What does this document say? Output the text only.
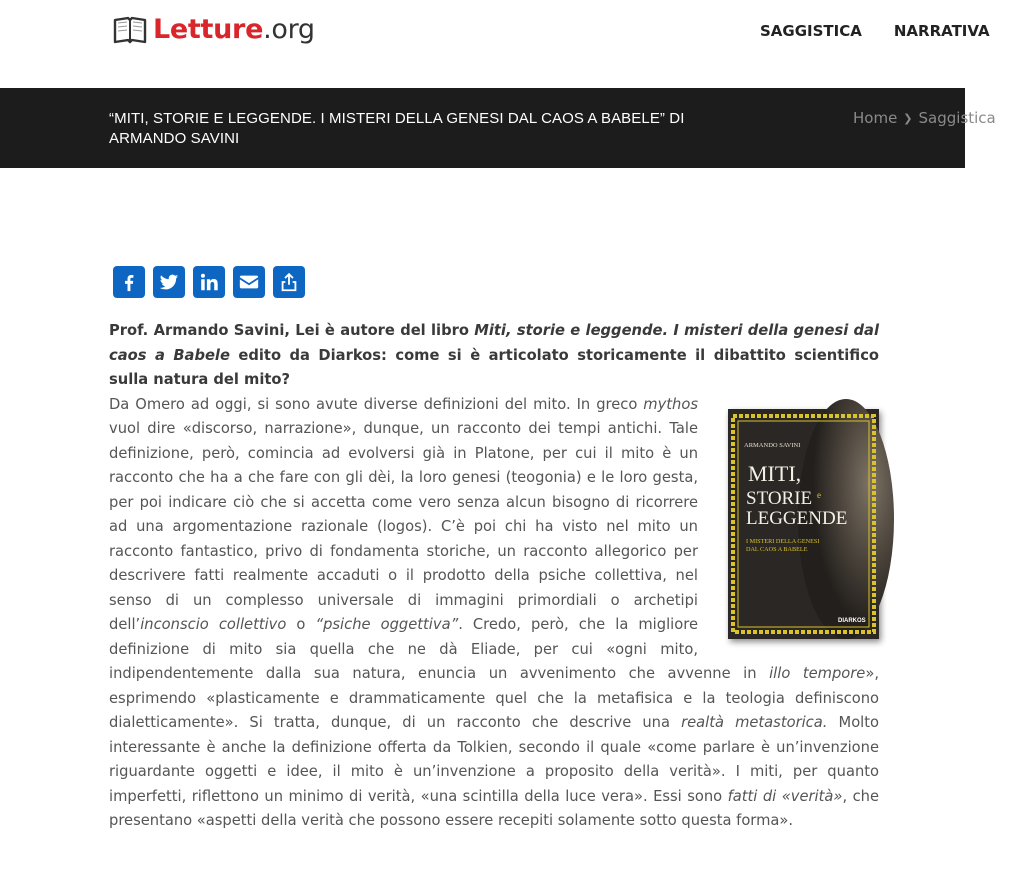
Letture.org	SAGGISTICA NARRATIVA
“MITI, STORIE E LEGGENDE. I MISTERI DELLA GENESI DAL CAOS A BABELE” DI ARMANDO SAVINI
Home ❯ Saggistica

Prof. Armando Savini, Lei è autore del libro Miti, storie e leggende. I misteri della genesi dal caos a Babele edito da Diarkos: come si è articolato storicamente il dibattito scientifico sulla natura del mito?

ARMANDO SAVINI
MITI,
STORIE e
LEGGENDE
I MISTERI DELLA GENESI
DAL CAOS A BABELE
DIARKOS

Da Omero ad oggi, si sono avute diverse definizioni del mito. In greco mythos vuol dire «discorso, narrazione», dunque, un racconto dei tempi antichi. Tale definizione, però, comincia ad evolversi già in Platone, per cui il mito è un racconto che ha a che fare con gli dèi, la loro genesi (teogonia) e le loro gesta, per poi indicare ciò che si accetta come vero senza alcun bisogno di ricorrere ad una argomentazione razionale (logos). C’è poi chi ha visto nel mito un racconto fantastico, privo di fondamenta storiche, un racconto allegorico per descrivere fatti realmente accaduti o il prodotto della psiche collettiva, nel senso di un complesso universale di immagini primordiali o archetipi dell’inconscio collettivo o “psiche oggettiva”. Credo, però, che la migliore definizione di mito sia quella che ne dà Eliade, per cui «ogni mito, indipendentemente dalla sua natura, enuncia un avvenimento che avvenne in illo tempore», esprimendo «plasticamente e drammaticamente quel che la metafisica e la teologia definiscono dialetticamente». Si tratta, dunque, di un racconto che descrive una realtà metastorica. Molto interessante è anche la definizione offerta da Tolkien, secondo il quale «come parlare è un’invenzione riguardante oggetti e idee, il mito è un’invenzione a proposito della verità». I miti, per quanto imperfetti, riflettono un minimo di verità, «una scintilla della luce vera». Essi sono fatti di «verità», che presentano «aspetti della verità che possono essere recepiti solamente sotto questa forma».
